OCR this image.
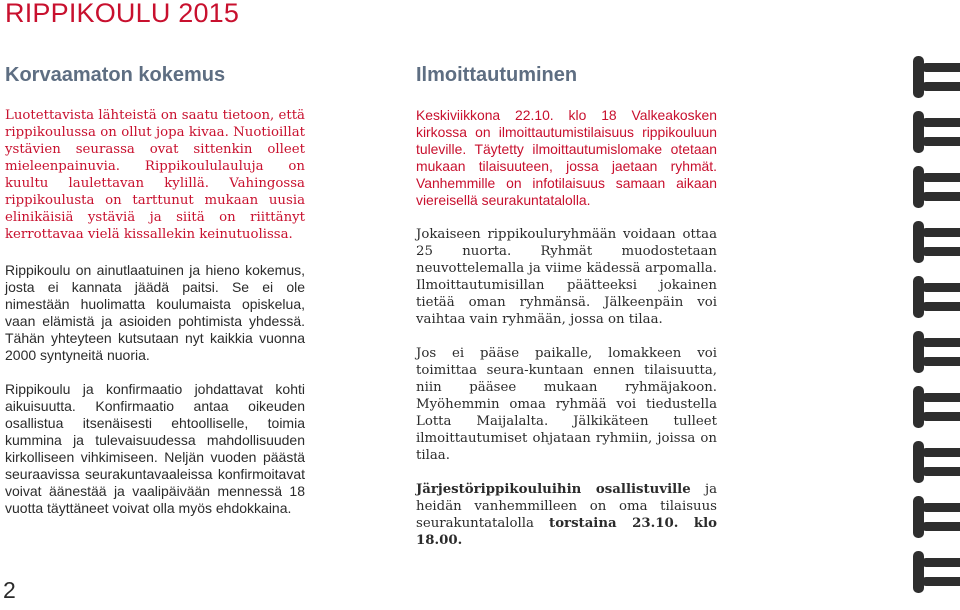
RIPPIKOULU 2015
Korvaamaton kokemus

Luotettavista lähteistä on saatu tietoon, että rippikoulussa on ollut jopa kivaa. Nuotioillat ystävien seurassa ovat sittenkin olleet mieleenpainuvia. Rippikoululauluja on kuultu laulettavan kylillä. Vahingossa rippikoulusta on tarttunut mukaan uusia elinikäisiä ystäviä ja siitä on riittänyt kerrottavaa vielä kissallekin keinutuolissa.

Rippikoulu on ainutlaatuinen ja hieno kokemus, josta ei kannata jäädä paitsi. Se ei ole nimestään huolimatta koulumaista opiskelua, vaan elämistä ja asioiden pohtimista yhdessä. Tähän yhteyteen kutsutaan nyt kaikkia vuonna 2000 syntyneitä nuoria.

Rippikoulu ja konfirmaatio johdattavat kohti aikuisuutta. Konfirmaatio antaa oikeuden osallistua itsenäisesti ehtoolliselle, toimia kummina ja tulevaisuudessa mahdollisuuden kirkolliseen vihkimiseen. Neljän vuoden päästä seuraavissa seurakuntavaaleissa konfirmoitavat voivat äänestää ja vaalipäivään mennessä 18 vuotta täyttäneet voivat olla myös ehdokkaina.

Ilmoittautuminen

Keskiviikkona 22.10. klo 18 Valkeakosken kirkossa on ilmoittautumistilaisuus rippikouluun tuleville. Täytetty ilmoittautumislomake otetaan mukaan tilaisuuteen, jossa jaetaan ryhmät. Vanhemmille on infotilaisuus samaan aikaan viereisellä seurakuntatalolla.

Jokaiseen rippikouluryhmään voidaan ottaa 25 nuorta. Ryhmät muodostetaan neuvottelemalla ja viime kädessä arpomalla. Ilmoittautumisillan päätteeksi jokainen tietää oman ryhmänsä. Jälkeenpäin voi vaihtaa vain ryhmään, jossa on tilaa.

Jos ei pääse paikalle, lomakkeen voi toimittaa seura-kuntaan ennen tilaisuutta, niin pääsee mukaan ryhmäjakoon. Myöhemmin omaa ryhmää voi tiedustella Lotta Maijalalta. Jälkikäteen tulleet ilmoittautumiset ohjataan ryhmiin, joissa on tilaa.

Järjestörippikouluihin osallistuville ja heidän vanhemmilleen on oma tilaisuus seurakuntatalolla torstaina 23.10. klo 18.00.

2
